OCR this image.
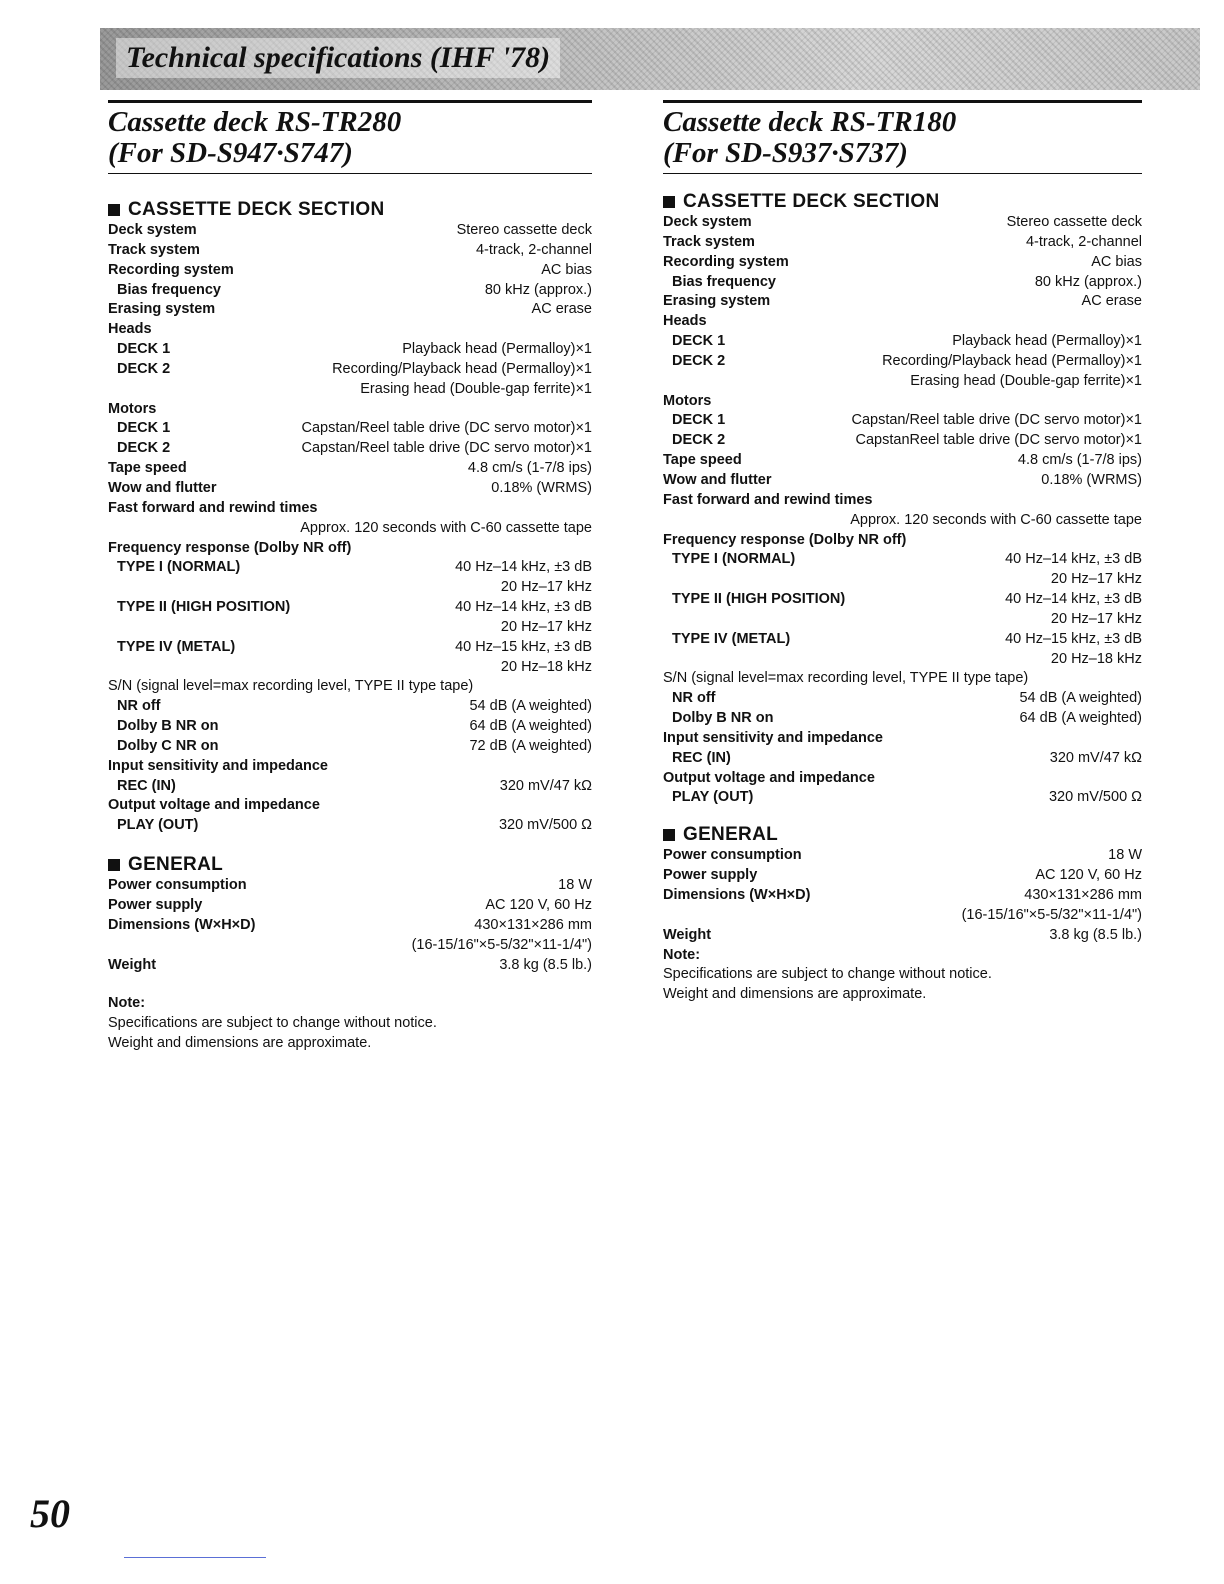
Technical specifications (IHF '78)
Cassette deck RS-TR280
(For SD-S947·S747)
CASSETTE DECK SECTION
Deck system	Stereo cassette deck
Track system	4-track, 2-channel
Recording system	AC bias
Bias frequency	80 kHz (approx.)
Erasing system	AC erase
Heads
DECK 1	Playback head (Permalloy)×1
DECK 2	Recording/Playback head (Permalloy)×1
Erasing head (Double-gap ferrite)×1
Motors
DECK 1	Capstan/Reel table drive (DC servo motor)×1
DECK 2	Capstan/Reel table drive (DC servo motor)×1
Tape speed	4.8 cm/s (1-7/8 ips)
Wow and flutter	0.18% (WRMS)
Fast forward and rewind times
Approx. 120 seconds with C-60 cassette tape
Frequency response (Dolby NR off)
TYPE I (NORMAL)	40 Hz–14 kHz, ±3 dB
20 Hz–17 kHz
TYPE II (HIGH POSITION)	40 Hz–14 kHz, ±3 dB
20 Hz–17 kHz
TYPE IV (METAL)	40 Hz–15 kHz, ±3 dB
20 Hz–18 kHz
S/N (signal level=max recording level, TYPE II type tape)
NR off	54 dB (A weighted)
Dolby B NR on	64 dB (A weighted)
Dolby C NR on	72 dB (A weighted)
Input sensitivity and impedance
REC (IN)	320 mV/47 kΩ
Output voltage and impedance
PLAY (OUT)	320 mV/500 Ω
GENERAL
Power consumption	18 W
Power supply	AC 120 V, 60 Hz
Dimensions (W×H×D)	430×131×286 mm
(16-15/16"×5-5/32"×11-1/4")
Weight	3.8 kg (8.5 lb.)
Note:
Specifications are subject to change without notice.
Weight and dimensions are approximate.
Cassette deck RS-TR180
(For SD-S937·S737)
CASSETTE DECK SECTION
Deck system	Stereo cassette deck
Track system	4-track, 2-channel
Recording system	AC bias
Bias frequency	80 kHz (approx.)
Erasing system	AC erase
Heads
DECK 1	Playback head (Permalloy)×1
DECK 2	Recording/Playback head (Permalloy)×1
Erasing head (Double-gap ferrite)×1
Motors
DECK 1	Capstan/Reel table drive (DC servo motor)×1
DECK 2	CapstanReel table drive (DC servo motor)×1
Tape speed	4.8 cm/s (1-7/8 ips)
Wow and flutter	0.18% (WRMS)
Fast forward and rewind times
Approx. 120 seconds with C-60 cassette tape
Frequency response (Dolby NR off)
TYPE I (NORMAL)	40 Hz–14 kHz, ±3 dB
20 Hz–17 kHz
TYPE II (HIGH POSITION)	40 Hz–14 kHz, ±3 dB
20 Hz–17 kHz
TYPE IV (METAL)	40 Hz–15 kHz, ±3 dB
20 Hz–18 kHz
S/N (signal level=max recording level, TYPE II type tape)
NR off	54 dB (A weighted)
Dolby B NR on	64 dB (A weighted)
Input sensitivity and impedance
REC (IN)	320 mV/47 kΩ
Output voltage and impedance
PLAY (OUT)	320 mV/500 Ω
GENERAL
Power consumption	18 W
Power supply	AC 120 V, 60 Hz
Dimensions (W×H×D)	430×131×286 mm
(16-15/16"×5-5/32"×11-1/4")
Weight	3.8 kg (8.5 lb.)
Note:
Specifications are subject to change without notice.
Weight and dimensions are approximate.
50
